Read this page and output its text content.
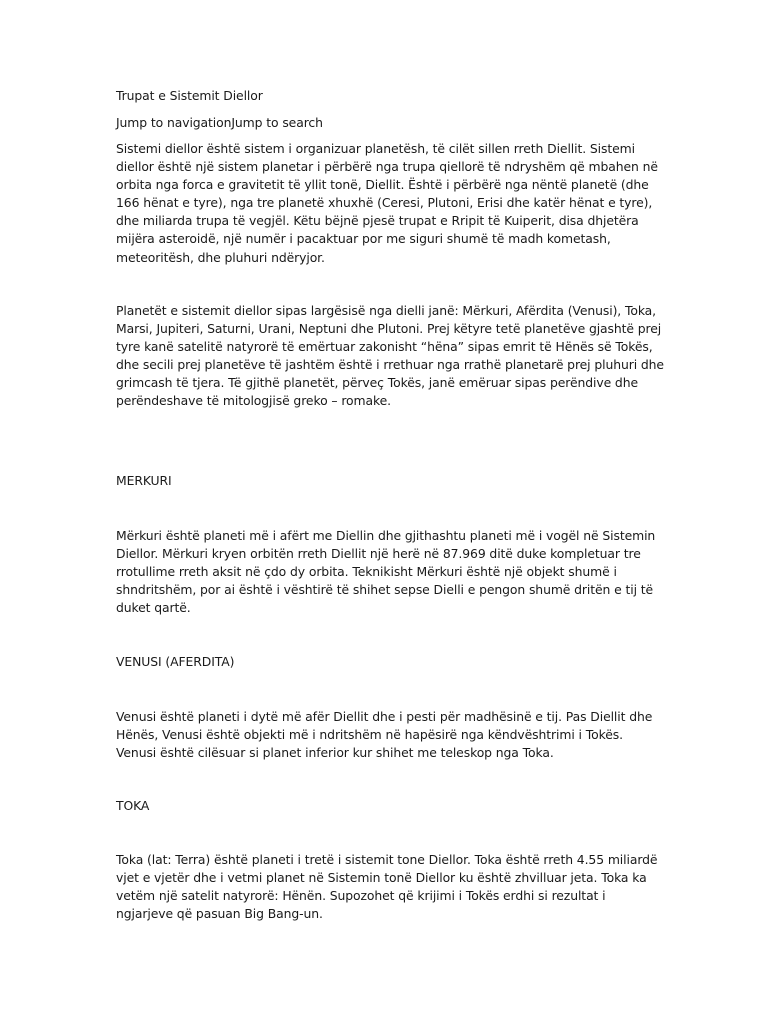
Trupat e Sistemit Diellor

Jump to navigationJump to search

Sistemi diellor është sistem i organizuar planetësh, të cilët sillen rreth Diellit. Sistemi diellor është një sistem planetar i përbërë nga trupa qiellorë të ndryshëm që mbahen në orbita nga forca e gravitetit të yllit tonë, Diellit. Është i përbërë nga nëntë planetë (dhe 166 hënat e tyre), nga tre planetë xhuxhë (Ceresi, Plutoni, Erisi dhe katër hënat e tyre), dhe miliarda trupa të vegjël. Këtu bëjnë pjesë trupat e Rripit të Kuiperit, disa dhjetëra mijëra asteroidë, një numër i pacaktuar por me siguri shumë të madh kometash, meteoritësh, dhe pluhuri ndëryjor.

Planetët e sistemit diellor sipas largësisë nga dielli janë: Mërkuri, Afërdita (Venusi), Toka, Marsi, Jupiteri, Saturni, Urani, Neptuni dhe Plutoni. Prej këtyre tetë planetëve gjashtë prej tyre kanë satelitë natyrorë të emërtuar zakonisht “hëna” sipas emrit të Hënës së Tokës, dhe secili prej planetëve të jashtëm është i rrethuar nga rrathë planetarë prej pluhuri dhe grimcash të tjera. Të gjithë planetët, përveç Tokës, janë emëruar sipas perëndive dhe perëndeshave të mitologjisë greko – romake.

MERKURI

Mërkuri është planeti më i afërt me Diellin dhe gjithashtu planeti më i vogël në Sistemin Diellor. Mërkuri kryen orbitën rreth Diellit një herë në 87.969 ditë duke kompletuar tre rrotullime rreth aksit në çdo dy orbita. Teknikisht Mërkuri është një objekt shumë i shndritshëm, por ai është i vështirë të shihet sepse Dielli e pengon shumë dritën e tij të duket qartë.

VENUSI (AFERDITA)

Venusi është planeti i dytë më afër Diellit dhe i pesti për madhësinë e tij. Pas Diellit dhe Hënës, Venusi është objekti më i ndritshëm në hapësirë nga këndvështrimi i Tokës. Venusi është cilësuar si planet inferior kur shihet me teleskop nga Toka.

TOKA

Toka (lat: Terra) është planeti i tretë i sistemit tone Diellor. Toka është rreth 4.55 miliardë vjet e vjetër dhe i vetmi planet në Sistemin tonë Diellor ku është zhvilluar jeta. Toka ka vetëm një satelit natyrorë: Hënën. Supozohet që krijimi i Tokës erdhi si rezultat i ngjarjeve që pasuan Big Bang-un.
